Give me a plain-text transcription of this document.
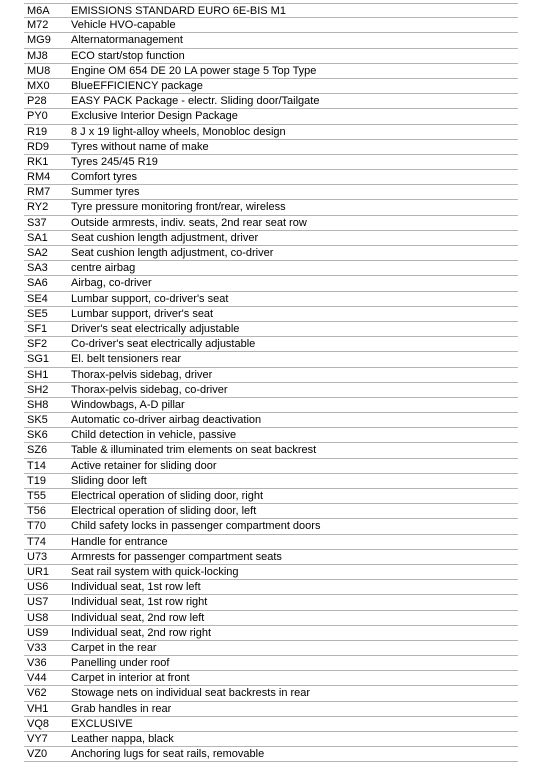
M6A EMISSIONS STANDARD EURO 6E-BIS M1
M72 Vehicle HVO-capable
MG9 Alternatormanagement
MJ8 ECO start/stop function
MU8 Engine OM 654 DE 20 LA power stage 5 Top Type
MX0 BlueEFFICIENCY package
P28 EASY PACK Package - electr. Sliding door/Tailgate
PY0 Exclusive Interior Design Package
R19 8 J x 19 light-alloy wheels, Monobloc design
RD9 Tyres without name of make
RK1 Tyres 245/45 R19
RM4 Comfort tyres
RM7 Summer tyres
RY2 Tyre pressure monitoring front/rear, wireless
S37 Outside armrests, indiv. seats, 2nd rear seat row
SA1 Seat cushion length adjustment, driver
SA2 Seat cushion length adjustment, co-driver
SA3 centre airbag
SA6 Airbag, co-driver
SE4 Lumbar support, co-driver's seat
SE5 Lumbar support, driver's seat
SF1 Driver's seat electrically adjustable
SF2 Co-driver's seat electrically adjustable
SG1 El. belt tensioners rear
SH1 Thorax-pelvis sidebag, driver
SH2 Thorax-pelvis sidebag, co-driver
SH8 Windowbags, A-D pillar
SK5 Automatic co-driver airbag deactivation
SK6 Child detection in vehicle, passive
SZ6 Table & illuminated trim elements on seat backrest
T14 Active retainer for sliding door
T19 Sliding door left
T55 Electrical operation of sliding door, right
T56 Electrical operation of sliding door, left
T70 Child safety locks in passenger compartment doors
T74 Handle for entrance
U73 Armrests for passenger compartment seats
UR1 Seat rail system with quick-locking
US6 Individual seat, 1st row left
US7 Individual seat, 1st row right
US8 Individual seat, 2nd row left
US9 Individual seat, 2nd row right
V33 Carpet in the rear
V36 Panelling under roof
V44 Carpet in interior at front
V62 Stowage nets on individual seat backrests in rear
VH1 Grab handles in rear
VQ8 EXCLUSIVE
VY7 Leather nappa, black
VZ0 Anchoring lugs for seat rails, removable
